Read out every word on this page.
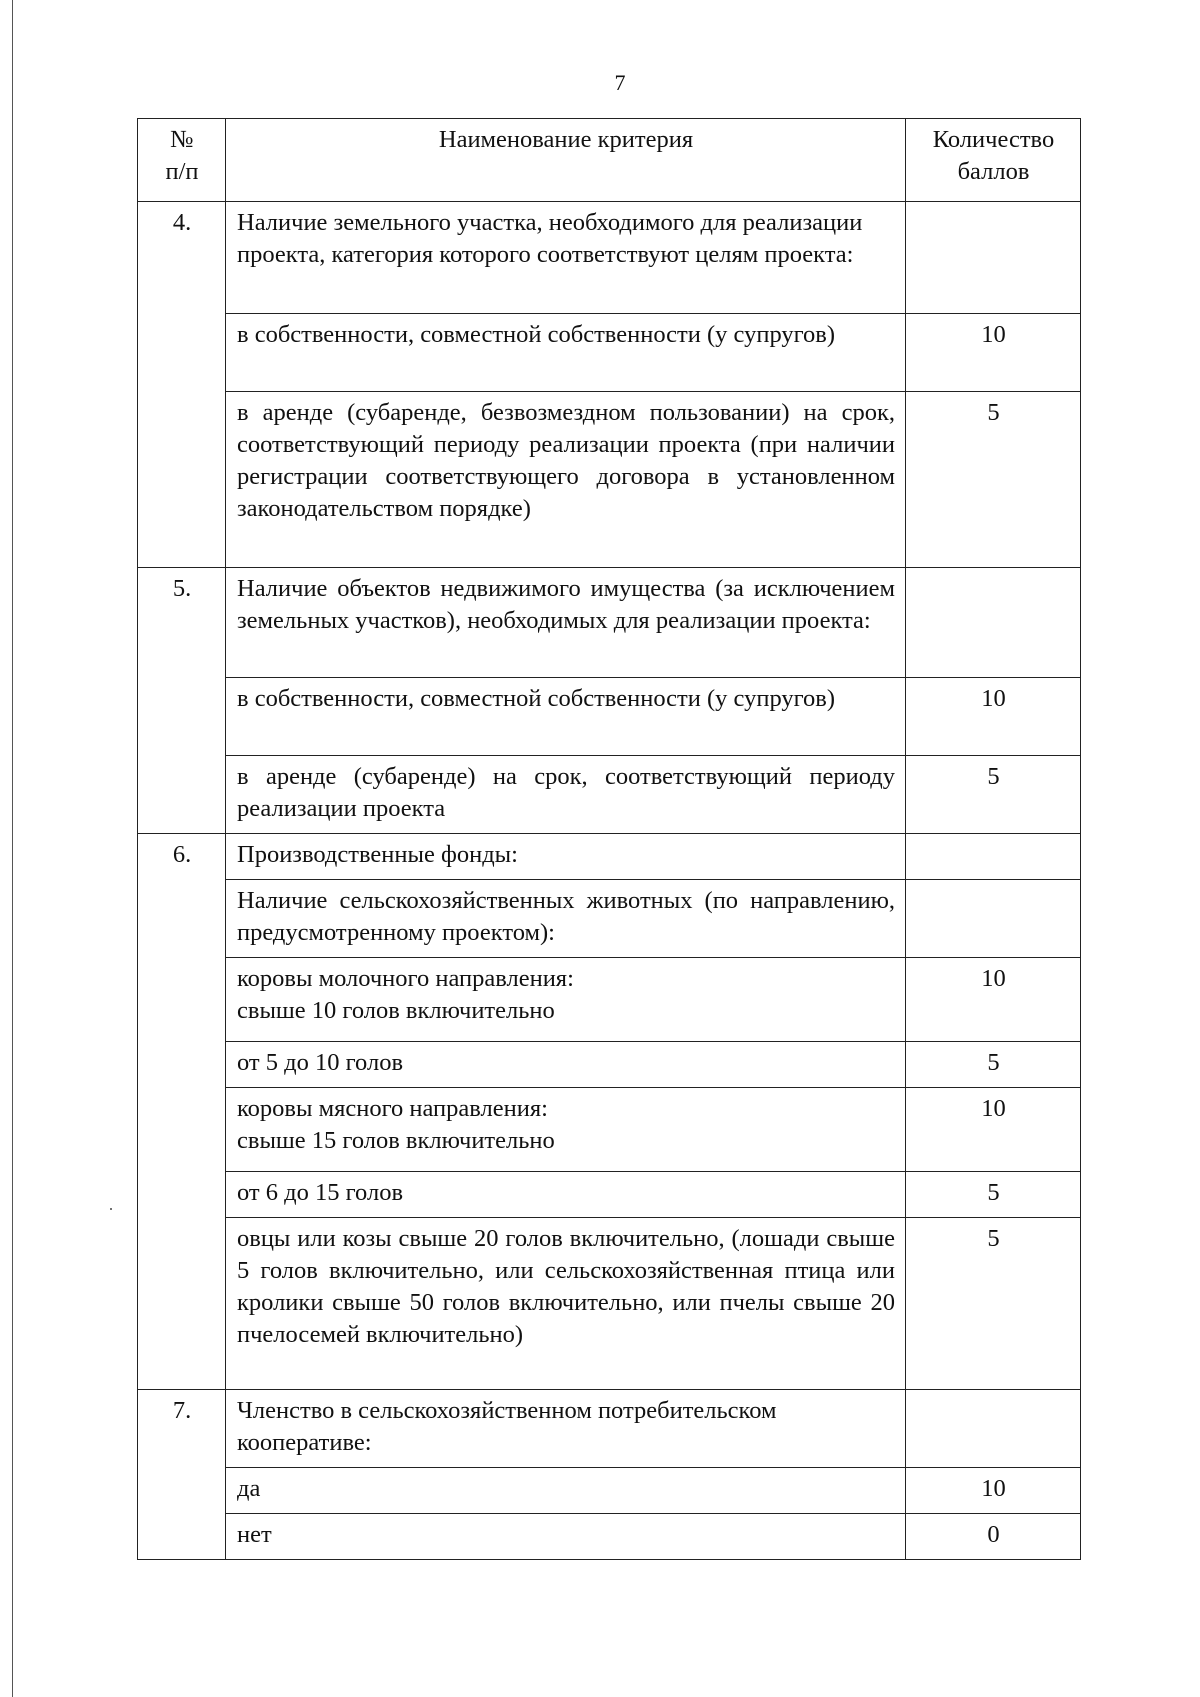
7
№
п/п	Наименование критерия	Количество
баллов

4.	Наличие земельного участка, необходимого для реализации проекта, категория которого соответствуют целям проекта:	
	в собственности, совместной собственности (у супругов)	10
	в аренде (субаренде, безвозмездном пользовании) на срок, соответствующий периоду реализации проекта (при наличии регистрации соответствующего договора в установленном законодательством порядке)	5
5.	Наличие объектов недвижимого имущества (за исключением земельных участков), необходимых для реализации проекта:	
	в собственности, совместной собственности (у супругов)	10
	в аренде (субаренде) на срок, соответствующий периоду реализации проекта	5
6.	Производственные фонды:	
	Наличие сельскохозяйственных животных (по направлению, предусмотренному проектом):	

	коровы молочного направления:
свыше 10 голов включительно	10
	от 5 до 10 голов	5

	коровы мясного направления:
свыше 15 голов включительно	10
	от 6 до 15 голов	5
	овцы или козы свыше 20 голов включительно, (лошади свыше 5 голов включительно, или сельскохозяйственная птица или кролики свыше 50 голов включительно, или пчелы свыше 20 пчелосемей включительно)	5
7.	Членство в сельскохозяйственном потребительском кооперативе:	
	да	10
	нет	0
